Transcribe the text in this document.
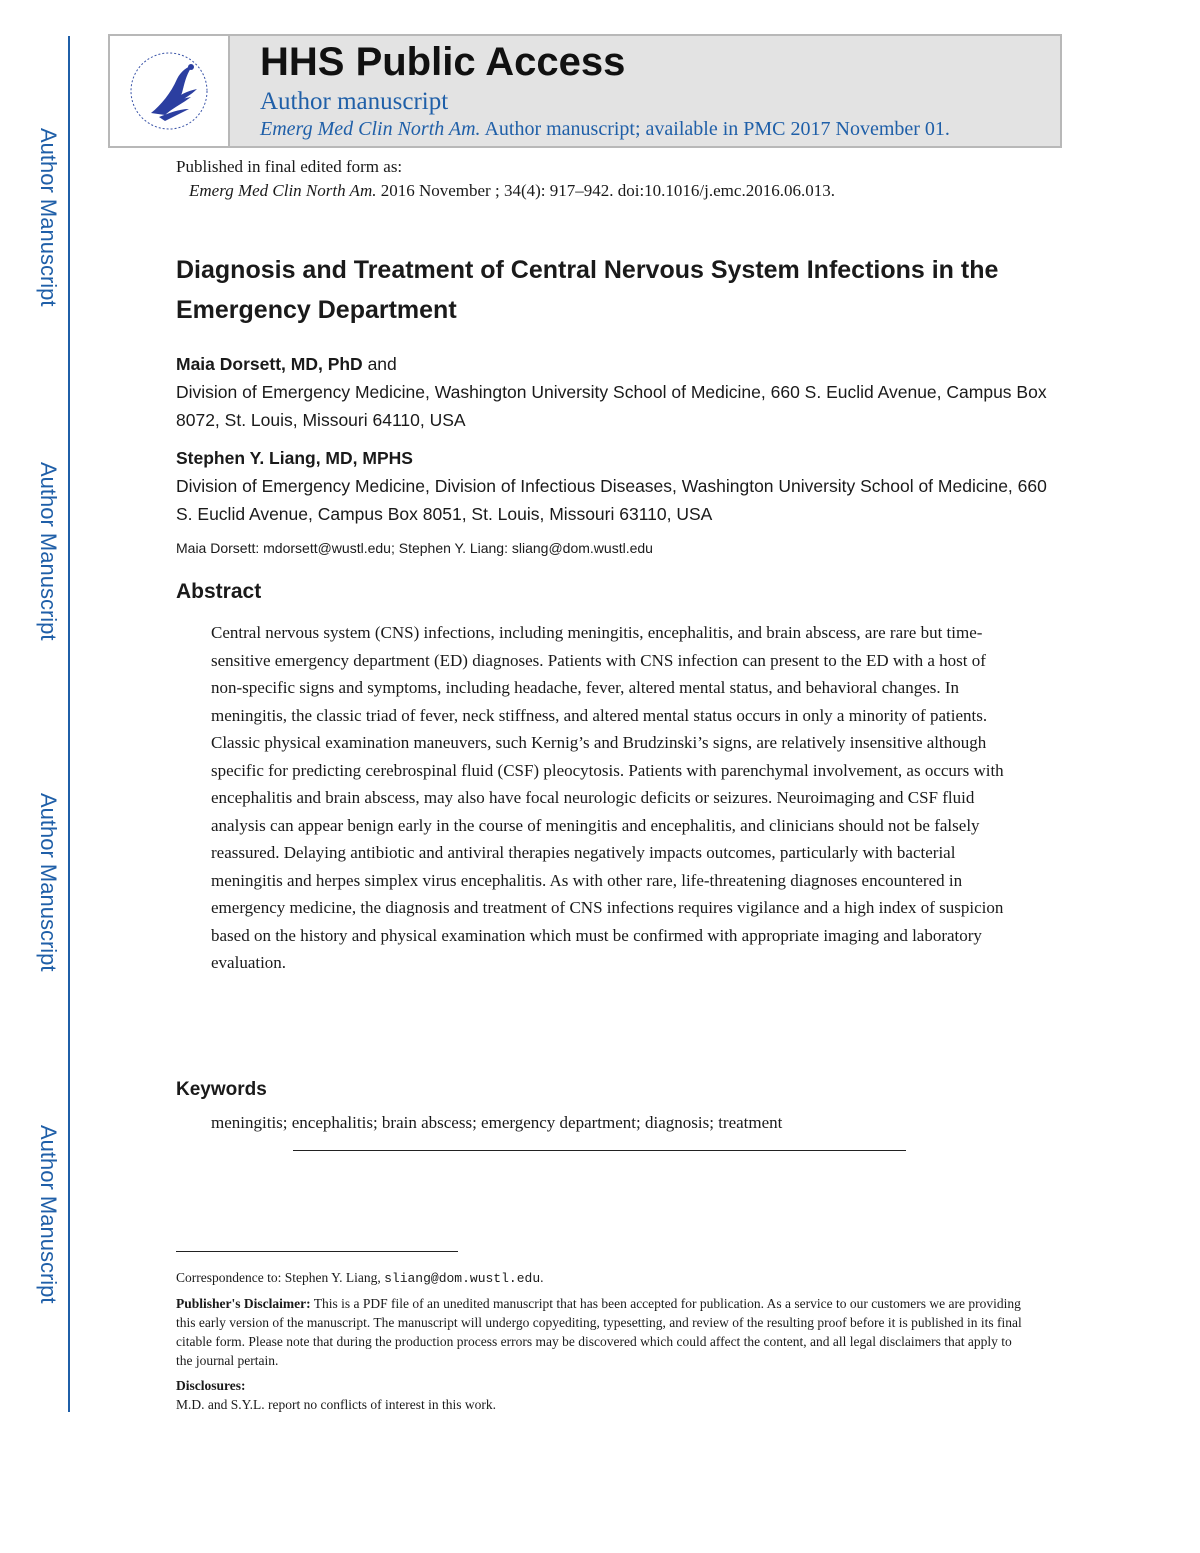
Author Manuscript
Author Manuscript
Author Manuscript
Author Manuscript
HHS Public Access
Author manuscript
Emerg Med Clin North Am. Author manuscript; available in PMC 2017 November 01.
Published in final edited form as:
Emerg Med Clin North Am. 2016 November ; 34(4): 917–942. doi:10.1016/j.emc.2016.06.013.
Diagnosis and Treatment of Central Nervous System Infections in the Emergency Department
Maia Dorsett, MD, PhD and
Division of Emergency Medicine, Washington University School of Medicine, 660 S. Euclid Avenue, Campus Box 8072, St. Louis, Missouri 64110, USA
Stephen Y. Liang, MD, MPHS
Division of Emergency Medicine, Division of Infectious Diseases, Washington University School of Medicine, 660 S. Euclid Avenue, Campus Box 8051, St. Louis, Missouri 63110, USA
Maia Dorsett: mdorsett@wustl.edu; Stephen Y. Liang: sliang@dom.wustl.edu
Abstract
Central nervous system (CNS) infections, including meningitis, encephalitis, and brain abscess, are rare but time-sensitive emergency department (ED) diagnoses. Patients with CNS infection can present to the ED with a host of non-specific signs and symptoms, including headache, fever, altered mental status, and behavioral changes. In meningitis, the classic triad of fever, neck stiffness, and altered mental status occurs in only a minority of patients. Classic physical examination maneuvers, such Kernig’s and Brudzinski’s signs, are relatively insensitive although specific for predicting cerebrospinal fluid (CSF) pleocytosis. Patients with parenchymal involvement, as occurs with encephalitis and brain abscess, may also have focal neurologic deficits or seizures. Neuroimaging and CSF fluid analysis can appear benign early in the course of meningitis and encephalitis, and clinicians should not be falsely reassured. Delaying antibiotic and antiviral therapies negatively impacts outcomes, particularly with bacterial meningitis and herpes simplex virus encephalitis. As with other rare, life-threatening diagnoses encountered in emergency medicine, the diagnosis and treatment of CNS infections requires vigilance and a high index of suspicion based on the history and physical examination which must be confirmed with appropriate imaging and laboratory evaluation.
Keywords
meningitis; encephalitis; brain abscess; emergency department; diagnosis; treatment

Correspondence to: Stephen Y. Liang, sliang@dom.wustl.edu.

Publisher's Disclaimer: This is a PDF file of an unedited manuscript that has been accepted for publication. As a service to our customers we are providing this early version of the manuscript. The manuscript will undergo copyediting, typesetting, and review of the resulting proof before it is published in its final citable form. Please note that during the production process errors may be discovered which could affect the content, and all legal disclaimers that apply to the journal pertain.

Disclosures:

M.D. and S.Y.L. report no conflicts of interest in this work.
